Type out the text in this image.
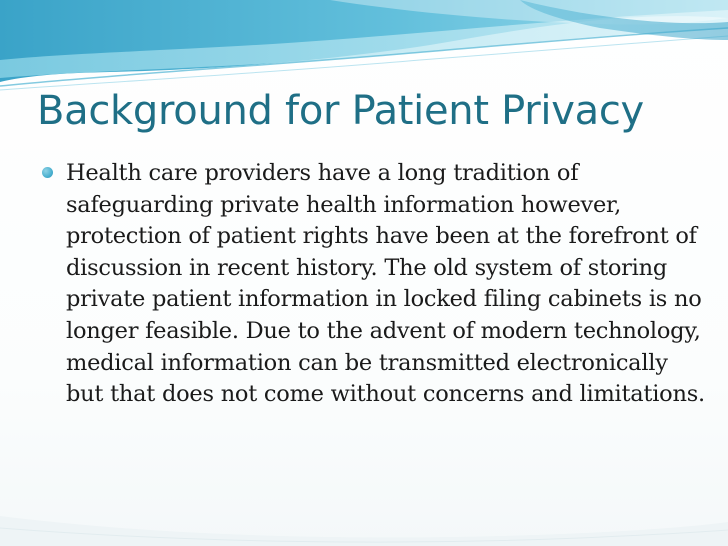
Background for Patient Privacy
Health care providers have a long tradition of safeguarding private health information however, protection of patient rights have been at the forefront of discussion in recent history. The old system of storing private patient information in locked filing cabinets is no longer feasible. Due to the advent of modern technology, medical information can be transmitted electronically but that does not come without concerns and limitations.
